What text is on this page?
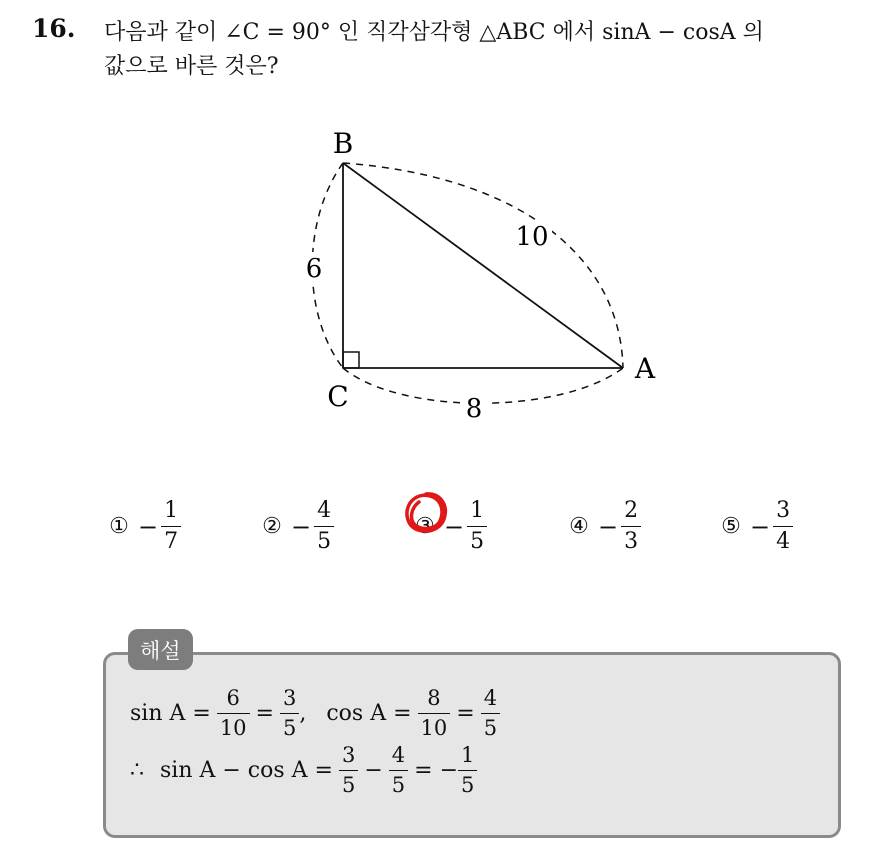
16. 다음과 같이 ∠C = 90° 인 직각삼각형 △ABC 에서 sinA − cosA 의
값으로 바른 것은?
B
C
A
6
10
8
① − $\frac{1}{7}$	② − $\frac{4}{5}$	③ − $\frac{1}{5}$	④ − $\frac{2}{3}$	⑤ − $\frac{3}{4}$
해설
$\sin A = \frac{6}{10} = \frac{3}{5}$ , $\cos A = \frac{8}{10} = \frac{4}{5}$
∴ $\sin A - \cos A = \frac{3}{5} - \frac{4}{5}$ = − $\frac{1}{5}$
